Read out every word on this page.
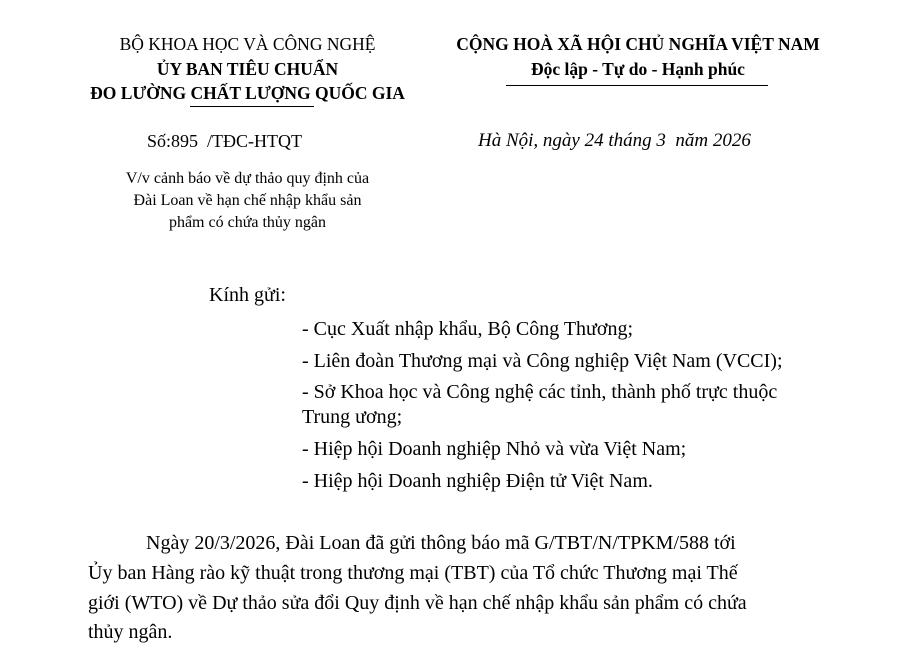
BỘ KHOA HỌC VÀ CÔNG NGHỆ
ỦY BAN TIÊU CHUẨN
ĐO LƯỜNG CHẤT LƯỢNG QUỐC GIA
CỘNG HOÀ XÃ HỘI CHỦ NGHĨA VIỆT NAM
Độc lập - Tự do - Hạnh phúc
Số:895 /TĐC-HTQT	Hà Nội, ngày 24 tháng 3 năm 2026
V/v cảnh báo về dự thảo quy định của
Đài Loan về hạn chế nhập khẩu sản
phẩm có chứa thủy ngân
Kính gửi:
- Cục Xuất nhập khẩu, Bộ Công Thương;
- Liên đoàn Thương mại và Công nghiệp Việt Nam (VCCI);
- Sở Khoa học và Công nghệ các tỉnh, thành phố trực thuộc
Trung ương;
- Hiệp hội Doanh nghiệp Nhỏ và vừa Việt Nam;
- Hiệp hội Doanh nghiệp Điện tử Việt Nam.
Ngày 20/3/2026, Đài Loan đã gửi thông báo mã G/TBT/N/TPKM/588 tới
Ủy ban Hàng rào kỹ thuật trong thương mại (TBT) của Tổ chức Thương mại Thế
giới (WTO) về Dự thảo sửa đổi Quy định về hạn chế nhập khẩu sản phẩm có chứa
thủy ngân.
